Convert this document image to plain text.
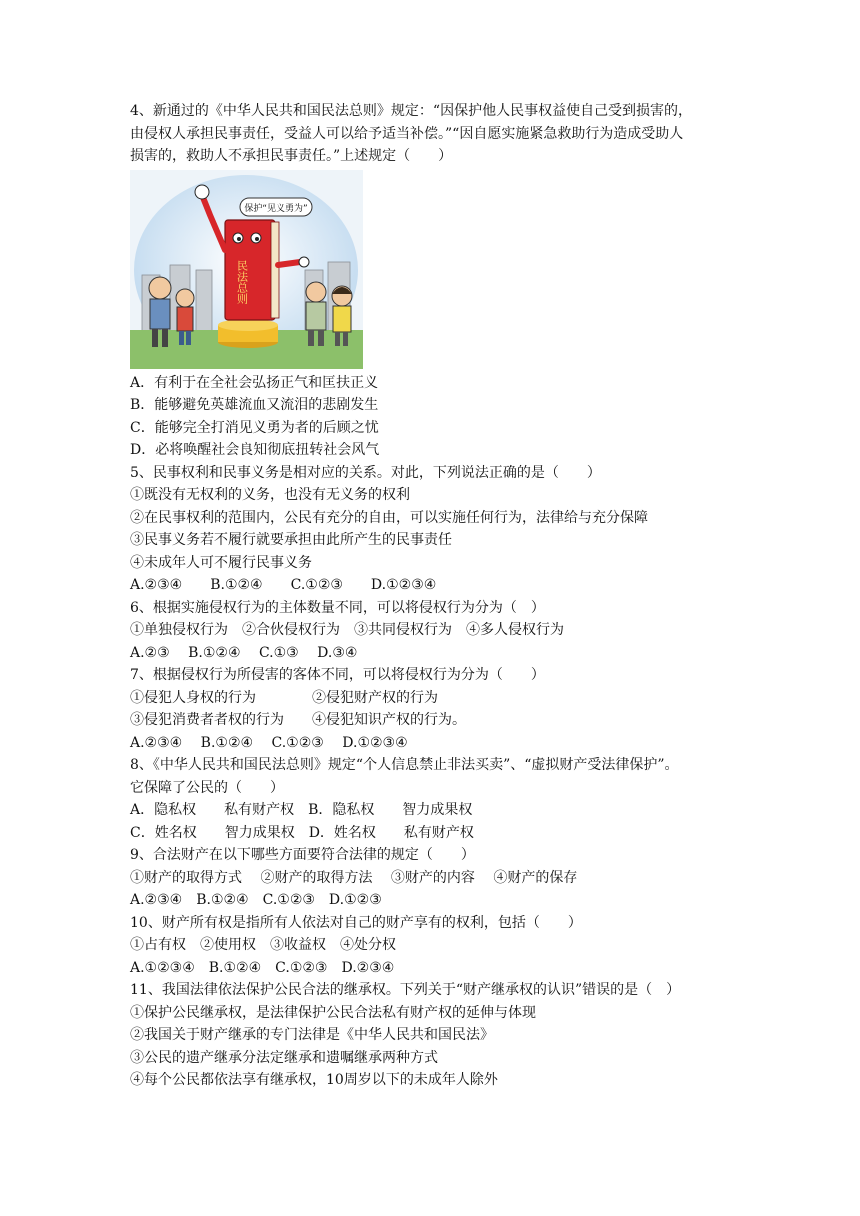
4、新通过的《中华人民共和国民法总则》规定：“因保护他人民事权益使自己受到损害的，
由侵权人承担民事责任，受益人可以给予适当补偿。”“因自愿实施紧急救助行为造成受助人
损害的，救助人不承担民事责任。”上述规定（　　）
民法总则
保护“见义勇为”
A．有利于在全社会弘扬正气和匡扶正义
B．能够避免英雄流血又流泪的悲剧发生
C．能够完全打消见义勇为者的后顾之忧
D．必将唤醒社会良知彻底扭转社会风气
5、民事权利和民事义务是相对应的关系。对此，下列说法正确的是（　　）
①既没有无权利的义务，也没有无义务的权利
②在民事权利的范围内，公民有充分的自由，可以实施任何行为，法律给与充分保障
③民事义务若不履行就要承担由此所产生的民事责任
④未成年人可不履行民事义务
A.②③④　　B.①②④　　C.①②③　　D.①②③④
6、根据实施侵权行为的主体数量不同，可以将侵权行为分为（　）
①单独侵权行为　②合伙侵权行为　③共同侵权行为　④多人侵权行为
A.②③　 B.①②④　 C.①③　 D.③④
7、根据侵权行为所侵害的客体不同，可以将侵权行为分为（　　）
①侵犯人身权的行为　　　　②侵犯财产权的行为
③侵犯消费者者权的行为　　④侵犯知识产权的行为。
A.②③④　 B.①②④　 C.①②③　 D.①②③④
8、《中华人民共和国民法总则》规定“个人信息禁止非法买卖”、“虚拟财产受法律保护”。
它保障了公民的（　　）
A．隐私权　　私有财产权　B．隐私权　　智力成果权
C．姓名权　　智力成果权　D．姓名权　　私有财产权
9、合法财产在以下哪些方面要符合法律的规定（　　）
①财产的取得方式　 ②财产的取得方法　 ③财产的内容　 ④财产的保存
A.②③④　B.①②④　C.①②③　D.①②③
10、财产所有权是指所有人依法对自己的财产享有的权利，包括（　　）
①占有权　②使用权　③收益权　④处分权
A.①②③④　B.①②④　C.①②③　D.②③④
11、我国法律依法保护公民合法的继承权。下列关于“财产继承权的认识”错误的是（　）
①保护公民继承权，是法律保护公民合法私有财产权的延伸与体现
②我国关于财产继承的专门法律是《中华人民共和国民法》
③公民的遗产继承分法定继承和遗嘱继承两种方式
④每个公民都依法享有继承权，10周岁以下的未成年人除外
